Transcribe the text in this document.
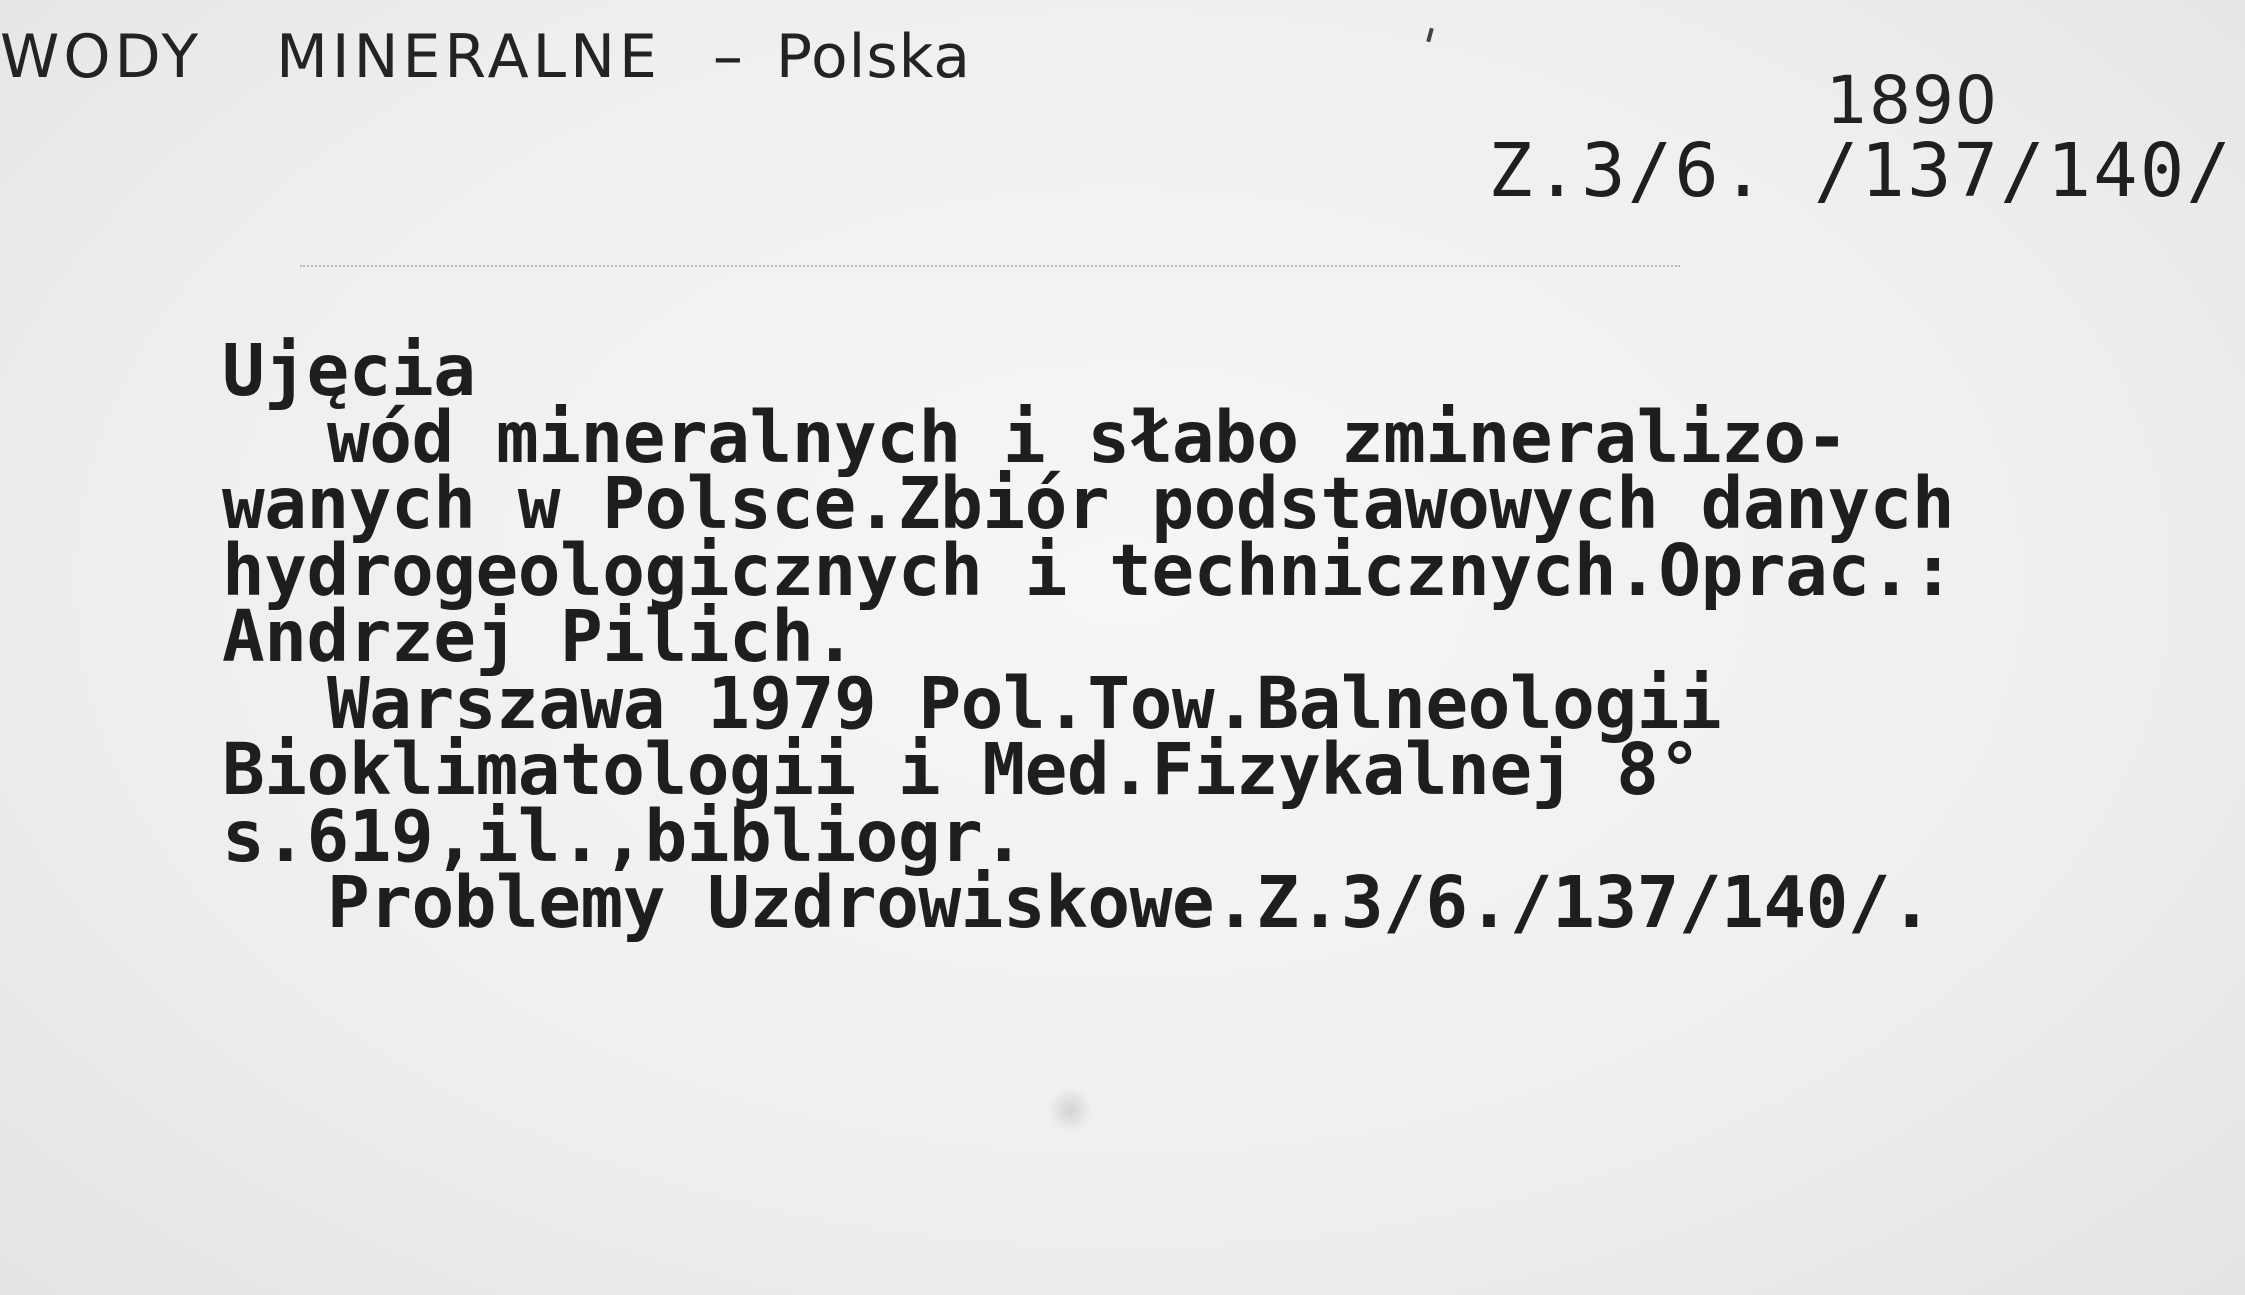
WODY MINERALNE – Polska
1890
Z.3/6. /137/140/
Ujęcia
wód mineralnych i słabo zmineralizo-
wanych w Polsce.Zbiór podstawowych danych
hydrogeologicznych i technicznych.Oprac.:
Andrzej Pilich.
Warszawa 1979 Pol.Tow.Balneologii
Bioklimatologii i Med.Fizykalnej 8°
s.619,il.,bibliogr.
Problemy Uzdrowiskowe.Z.3/6./137/140/.
